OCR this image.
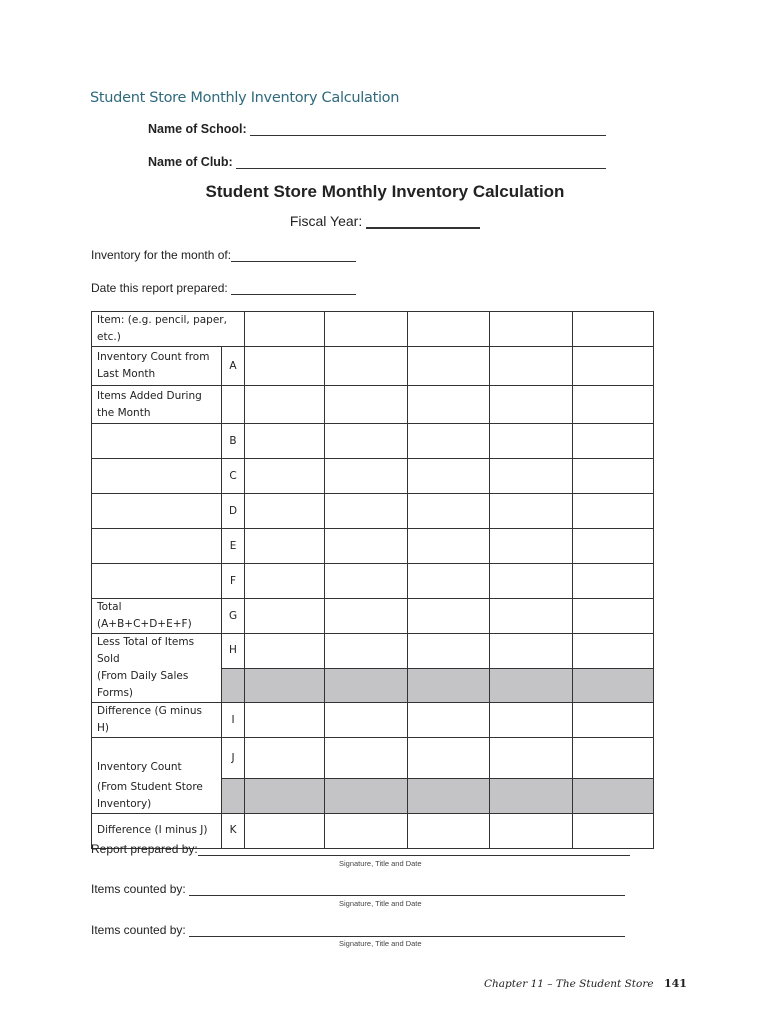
Student Store Monthly Inventory Calculation
Name of School:
Name of Club:
Student Store Monthly Inventory Calculation
Fiscal Year:
Inventory for the month of:
Date this report prepared:
Item: (e.g. pencil, paper, etc.)						
Inventory Count from Last Month	A					
Items Added During the Month						
	B					
	C					
	D					
	E					
	F					
Total (A+B+C+D+E+F)	G					
Less Total of Items Sold	H					
(From Daily Sales Forms)						
Difference (G minus H)	I					
Inventory Count	J					
(From Student Store Inventory)						
Difference (I minus J)	K					
Report prepared by:
Signature, Title and Date
Items counted by:
Signature, Title and Date
Items counted by:
Signature, Title and Date
Chapter 11 – The Student Store 141
